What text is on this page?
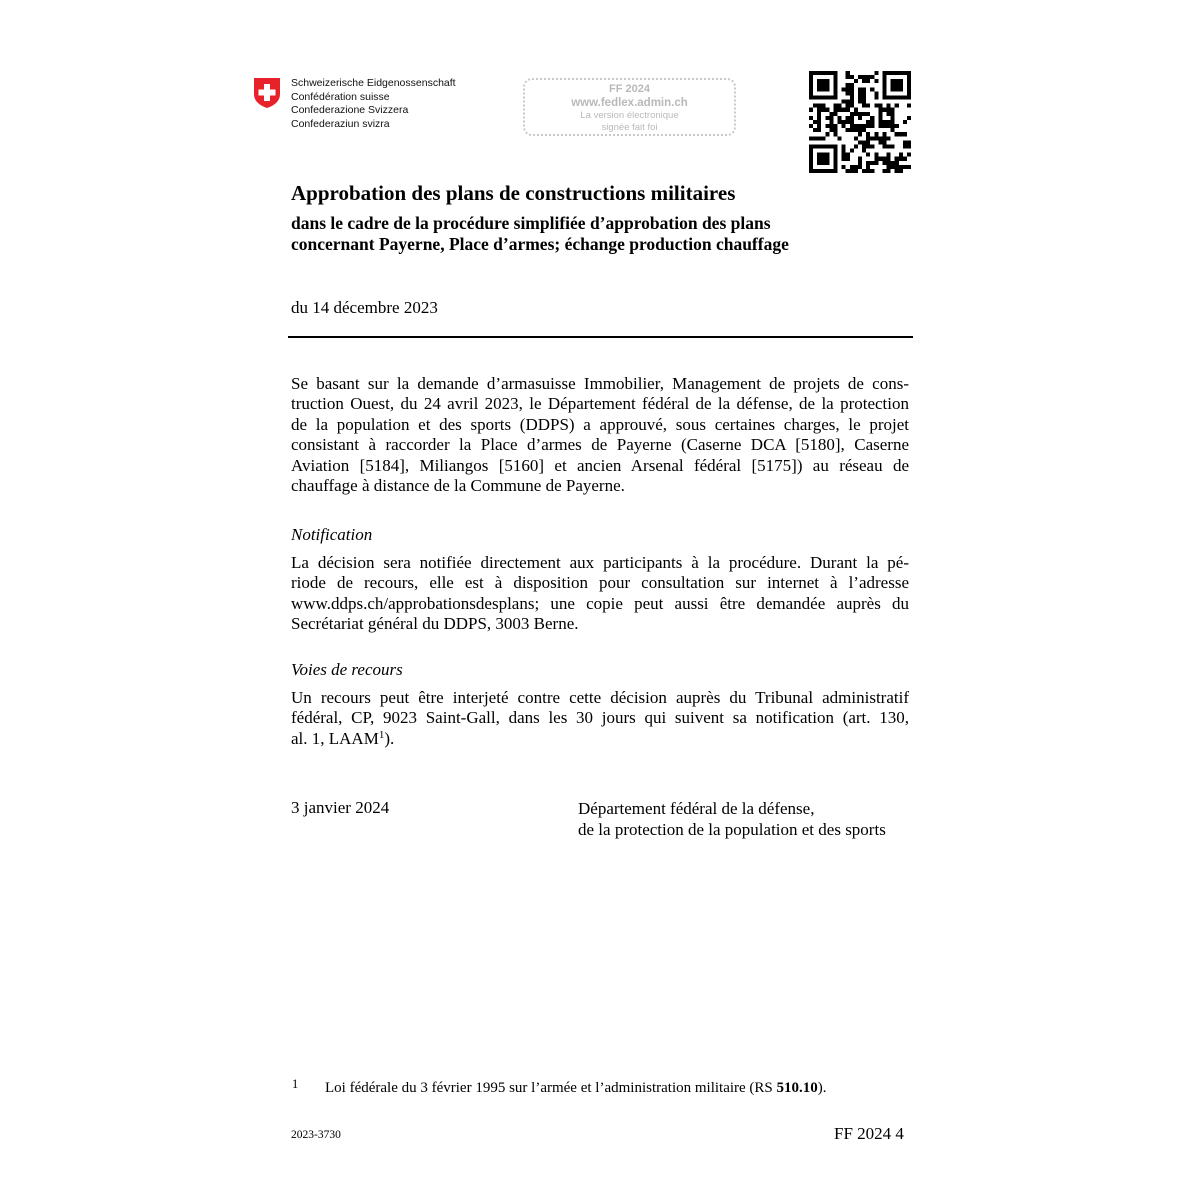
Schweizerische Eidgenossenschaft
Confédération suisse
Confederazione Svizzera
Confederaziun svizra
FF 2024
www.fedlex.admin.ch
La version électronique
signée fait foi
Approbation des plans de constructions militaires
dans le cadre de la procédure simplifiée d’approbation des plans
concernant Payerne, Place d’armes; échange production chauffage
du 14 décembre 2023
Se basant sur la demande d’armasuisse Immobilier, Management de projets de cons-
truction Ouest, du 24 avril 2023, le Département fédéral de la défense, de la protection
de la population et des sports (DDPS) a approuvé, sous certaines charges, le projet
consistant à raccorder la Place d’armes de Payerne (Caserne DCA [5180], Caserne
Aviation [5184], Miliangos [5160] et ancien Arsenal fédéral [5175]) au réseau de
chauffage à distance de la Commune de Payerne.
Notification
La décision sera notifiée directement aux participants à la procédure. Durant la pé-
riode de recours, elle est à disposition pour consultation sur internet à l’adresse
www.ddps.ch/approbationsdesplans; une copie peut aussi être demandée auprès du
Secrétariat général du DDPS, 3003 Berne.
Voies de recours
Un recours peut être interjeté contre cette décision auprès du Tribunal administratif
fédéral, CP, 9023 Saint-Gall, dans les 30 jours qui suivent sa notification (art. 130,
al. 1, LAAM$^1$).
3 janvier 2024	Département fédéral de la défense,
de la protection de la population et des sports
1 Loi fédérale du 3 février 1995 sur l’armée et l’administration militaire (RS 510.10).
2023-3730	FF 2024 4
